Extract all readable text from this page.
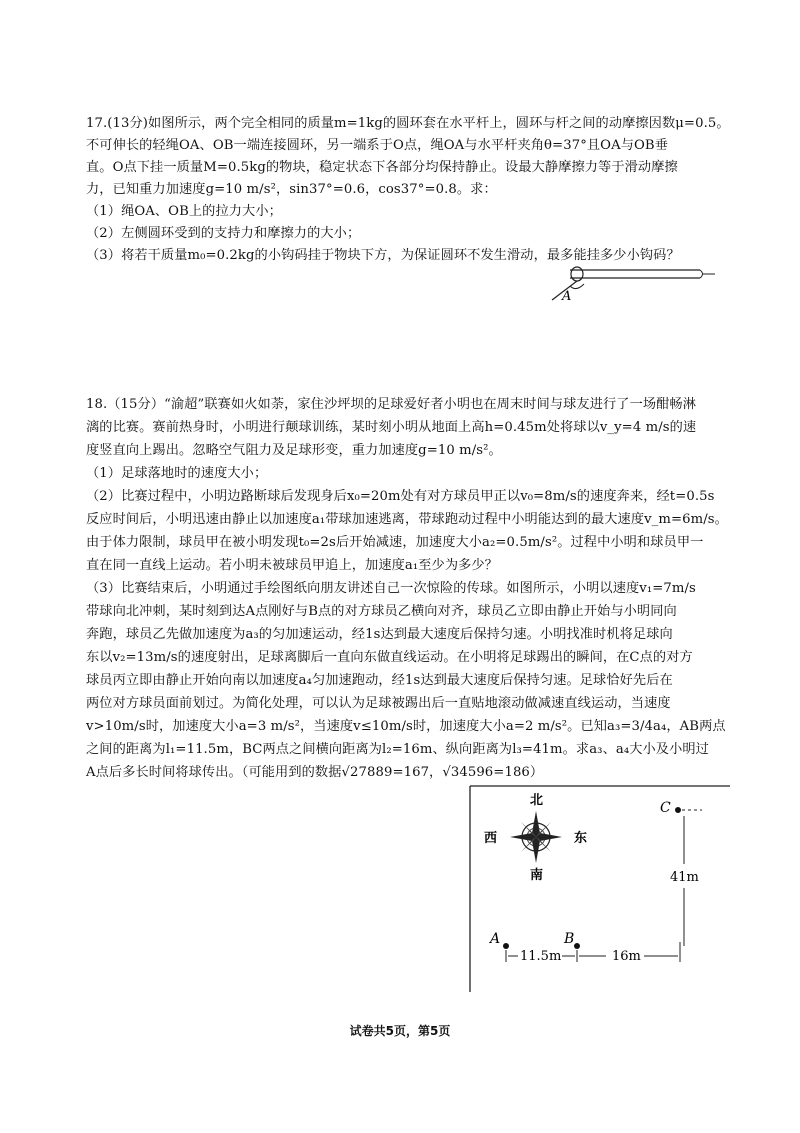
17.(13分)如图所示，两个完全相同的质量m=1kg的圆环套在水平杆上，圆环与杆之间的动摩擦因数μ=0.5。
不可伸长的轻绳OA、OB一端连接圆环，另一端系于O点，绳OA与水平杆夹角θ=37°且OA与OB垂
直。O点下挂一质量M=0.5kg的物块，稳定状态下各部分均保持静止。设最大静摩擦力等于滑动摩擦
力，已知重力加速度g=10 m/s²，sin37°=0.6，cos37°=0.8。求：
（1）绳OA、OB上的拉力大小；
（2）左侧圆环受到的支持力和摩擦力的大小；
（3）将若干质量m₀=0.2kg的小钩码挂于物块下方，为保证圆环不发生滑动，最多能挂多少小钩码？
A
18.（15分）“渝超”联赛如火如荼，家住沙坪坝的足球爱好者小明也在周末时间与球友进行了一场酣畅淋
漓的比赛。赛前热身时，小明进行颠球训练，某时刻小明从地面上高h=0.45m处将球以v_y=4 m/s的速
度竖直向上踢出。忽略空气阻力及足球形变，重力加速度g=10 m/s²。
（1）足球落地时的速度大小；
（2）比赛过程中，小明边路断球后发现身后x₀=20m处有对方球员甲正以v₀=8m/s的速度奔来，经t=0.5s
反应时间后，小明迅速由静止以加速度a₁带球加速逃离，带球跑动过程中小明能达到的最大速度v_m=6m/s。
由于体力限制，球员甲在被小明发现t₀=2s后开始减速，加速度大小a₂=0.5m/s²。过程中小明和球员甲一
直在同一直线上运动。若小明未被球员甲追上，加速度a₁至少为多少？
（3）比赛结束后，小明通过手绘图纸向朋友讲述自己一次惊险的传球。如图所示，小明以速度v₁=7m/s
带球向北冲刺，某时刻到达A点刚好与B点的对方球员乙横向对齐，球员乙立即由静止开始与小明同向
奔跑，球员乙先做加速度为a₃的匀加速运动，经1s达到最大速度后保持匀速。小明找准时机将足球向
东以v₂=13m/s的速度射出，足球离脚后一直向东做直线运动。在小明将足球踢出的瞬间，在C点的对方
球员丙立即由静止开始向南以加速度a₄匀加速跑动，经1s达到最大速度后保持匀速。足球恰好先后在
两位对方球员面前划过。为简化处理，可以认为足球被踢出后一直贴地滚动做减速直线运动，当速度
v>10m/s时，加速度大小a=3 m/s²，当速度v≤10m/s时，加速度大小a=2 m/s²。已知a₃=3/4a₄，AB两点
之间的距离为l₁=11.5m，BC两点之间横向距离为l₂=16m、纵向距离为l₃=41m。求a₃、a₄大小及小明过
A点后多长时间将球传出。（可能用到的数据√27889=167，√34596=186）
北
南
西	东
C
41m
A	B
11.5m	16m
试卷共5页，第5页
